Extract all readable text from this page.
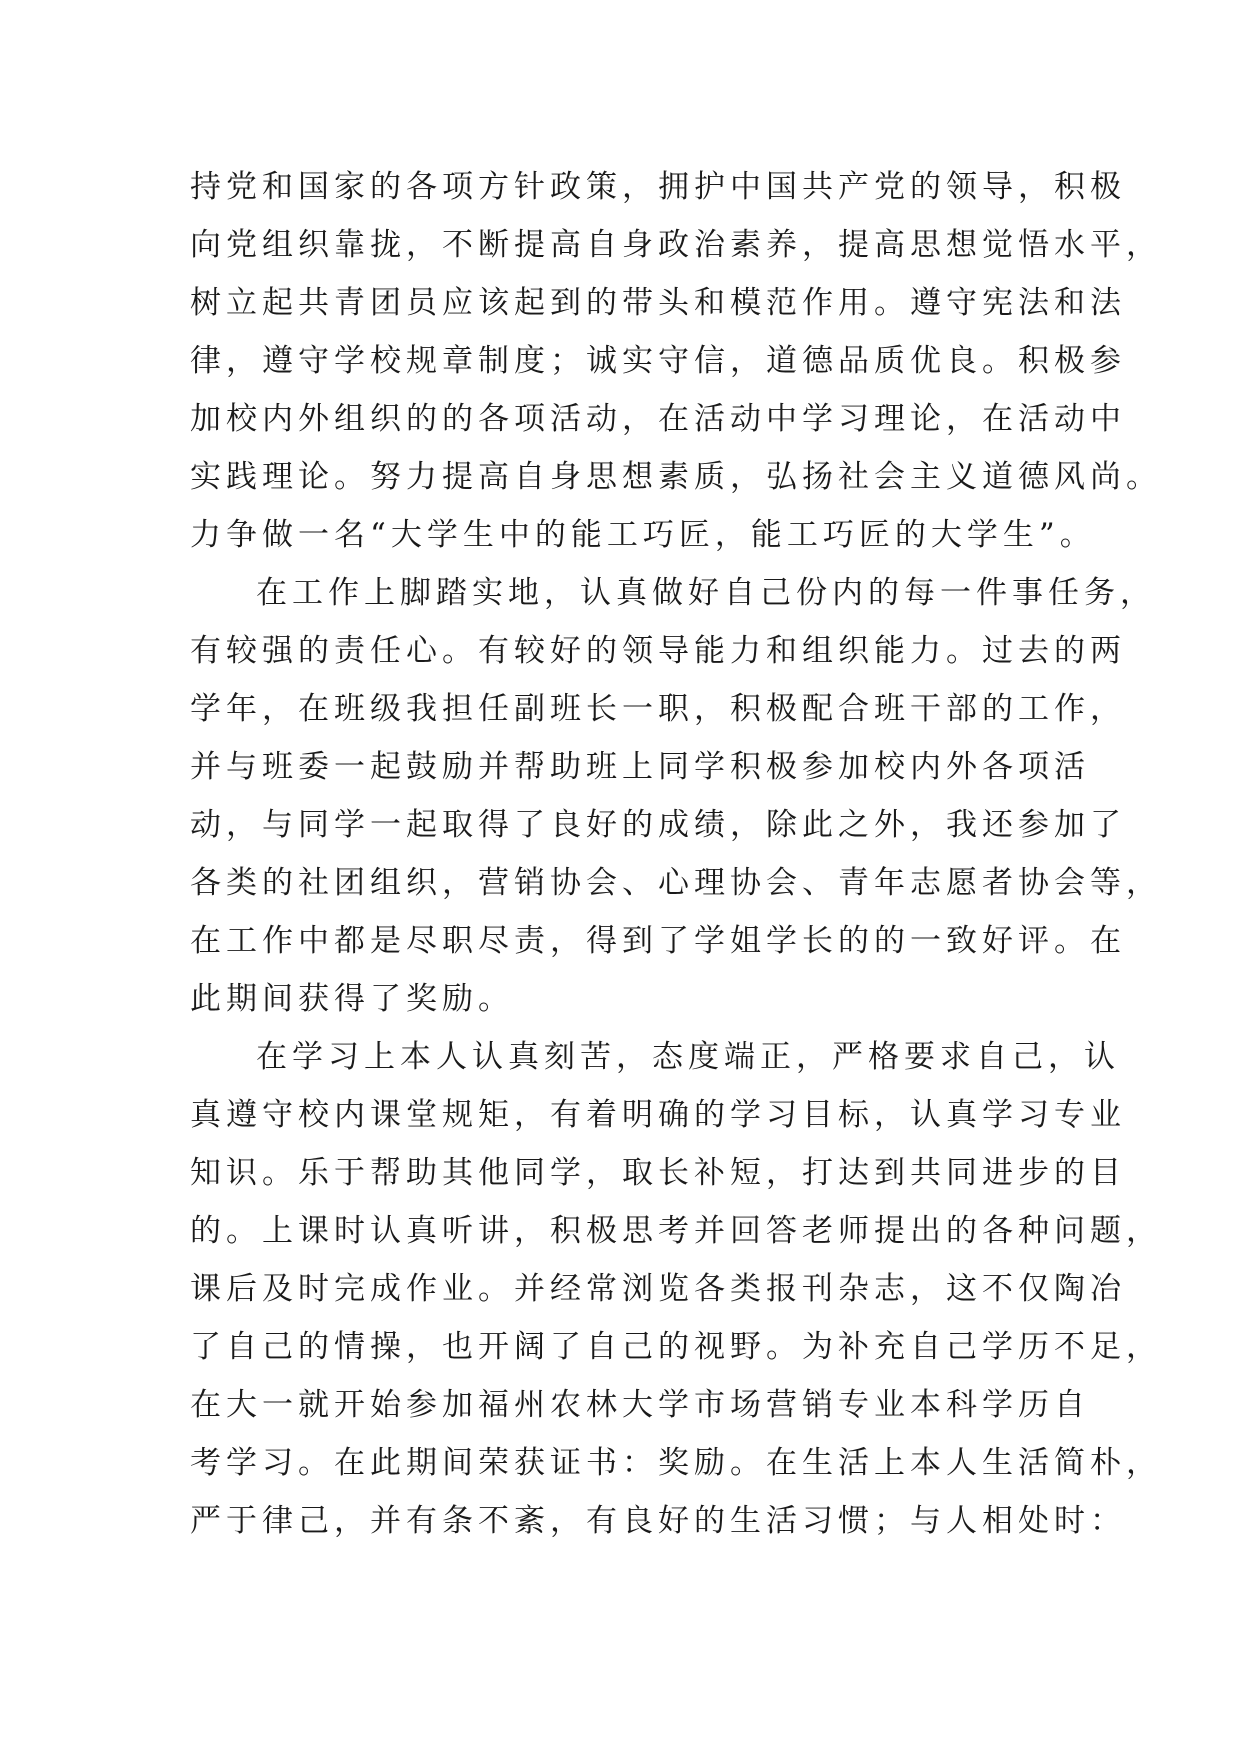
持党和国家的各项方针政策，拥护中国共产党的领导，积极
向党组织靠拢，不断提高自身政治素养，提高思想觉悟水平，
树立起共青团员应该起到的带头和模范作用。遵守宪法和法
律，遵守学校规章制度；诚实守信，道德品质优良。积极参
加校内外组织的的各项活动，在活动中学习理论，在活动中
实践理论。努力提高自身思想素质，弘扬社会主义道德风尚。
力争做一名“大学生中的能工巧匠，能工巧匠的大学生”。
在工作上脚踏实地，认真做好自己份内的每一件事任务，
有较强的责任心。有较好的领导能力和组织能力。过去的两
学年，在班级我担任副班长一职，积极配合班干部的工作，
并与班委一起鼓励并帮助班上同学积极参加校内外各项活
动，与同学一起取得了良好的成绩，除此之外，我还参加了
各类的社团组织，营销协会、心理协会、青年志愿者协会等，
在工作中都是尽职尽责，得到了学姐学长的的一致好评。在
此期间获得了奖励。
在学习上本人认真刻苦，态度端正，严格要求自己，认
真遵守校内课堂规矩，有着明确的学习目标，认真学习专业
知识。乐于帮助其他同学，取长补短，打达到共同进步的目
的。上课时认真听讲，积极思考并回答老师提出的各种问题，
课后及时完成作业。并经常浏览各类报刊杂志，这不仅陶冶
了自己的情操，也开阔了自己的视野。为补充自己学历不足，
在大一就开始参加福州农林大学市场营销专业本科学历自
考学习。在此期间荣获证书：奖励。在生活上本人生活简朴，
严于律己，并有条不紊，有良好的生活习惯；与人相处时：
